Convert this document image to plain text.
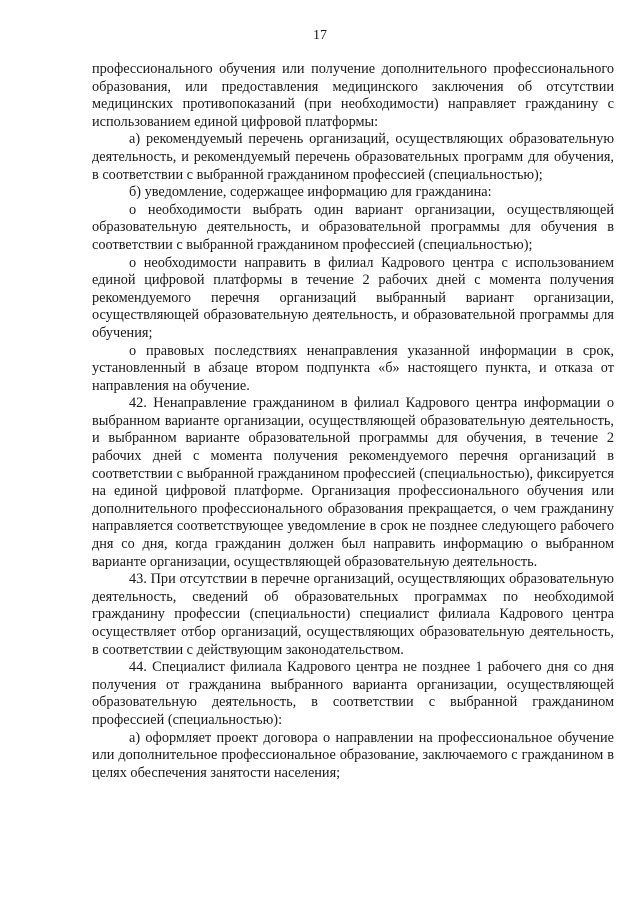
17

профессионального обучения или получение дополнительного профессионального образования, или предоставления медицинского заключения об отсутствии медицинских противопоказаний (при необходимости) направляет гражданину с использованием единой цифровой платформы:

а) рекомендуемый перечень организаций, осуществляющих образовательную деятельность, и рекомендуемый перечень образовательных программ для обучения, в соответствии с выбранной гражданином профессией (специальностью);

б) уведомление, содержащее информацию для гражданина:

о необходимости выбрать один вариант организации, осуществляющей образовательную деятельность, и образовательной программы для обучения в соответствии с выбранной гражданином профессией (специальностью);

о необходимости направить в филиал Кадрового центра с использованием единой цифровой платформы в течение 2 рабочих дней с момента получения рекомендуемого перечня организаций выбранный вариант организации, осуществляющей образовательную деятельность, и образовательной программы для обучения;

о правовых последствиях ненаправления указанной информации в срок, установленный в абзаце втором подпункта «б» настоящего пункта, и отказа от направления на обучение.

42. Ненаправление гражданином в филиал Кадрового центра информации о выбранном варианте организации, осуществляющей образовательную деятельность, и выбранном варианте образовательной программы для обучения, в течение 2 рабочих дней с момента получения рекомендуемого перечня организаций в соответствии с выбранной гражданином профессией (специальностью), фиксируется на единой цифровой платформе. Организация профессионального обучения или дополнительного профессионального образования прекращается, о чем гражданину направляется соответствующее уведомление в срок не позднее следующего рабочего дня со дня, когда гражданин должен был направить информацию о выбранном варианте организации, осуществляющей образовательную деятельность.

43. При отсутствии в перечне организаций, осуществляющих образовательную деятельность, сведений об образовательных программах по необходимой гражданину профессии (специальности) специалист филиала Кадрового центра осуществляет отбор организаций, осуществляющих образовательную деятельность, в соответствии с действующим законодательством.

44. Специалист филиала Кадрового центра не позднее 1 рабочего дня со дня получения от гражданина выбранного варианта организации, осуществляющей образовательную деятельность, в соответствии с выбранной гражданином профессией (специальностью):

а) оформляет проект договора о направлении на профессиональное обучение или дополнительное профессиональное образование, заключаемого с гражданином в целях обеспечения занятости населения;
